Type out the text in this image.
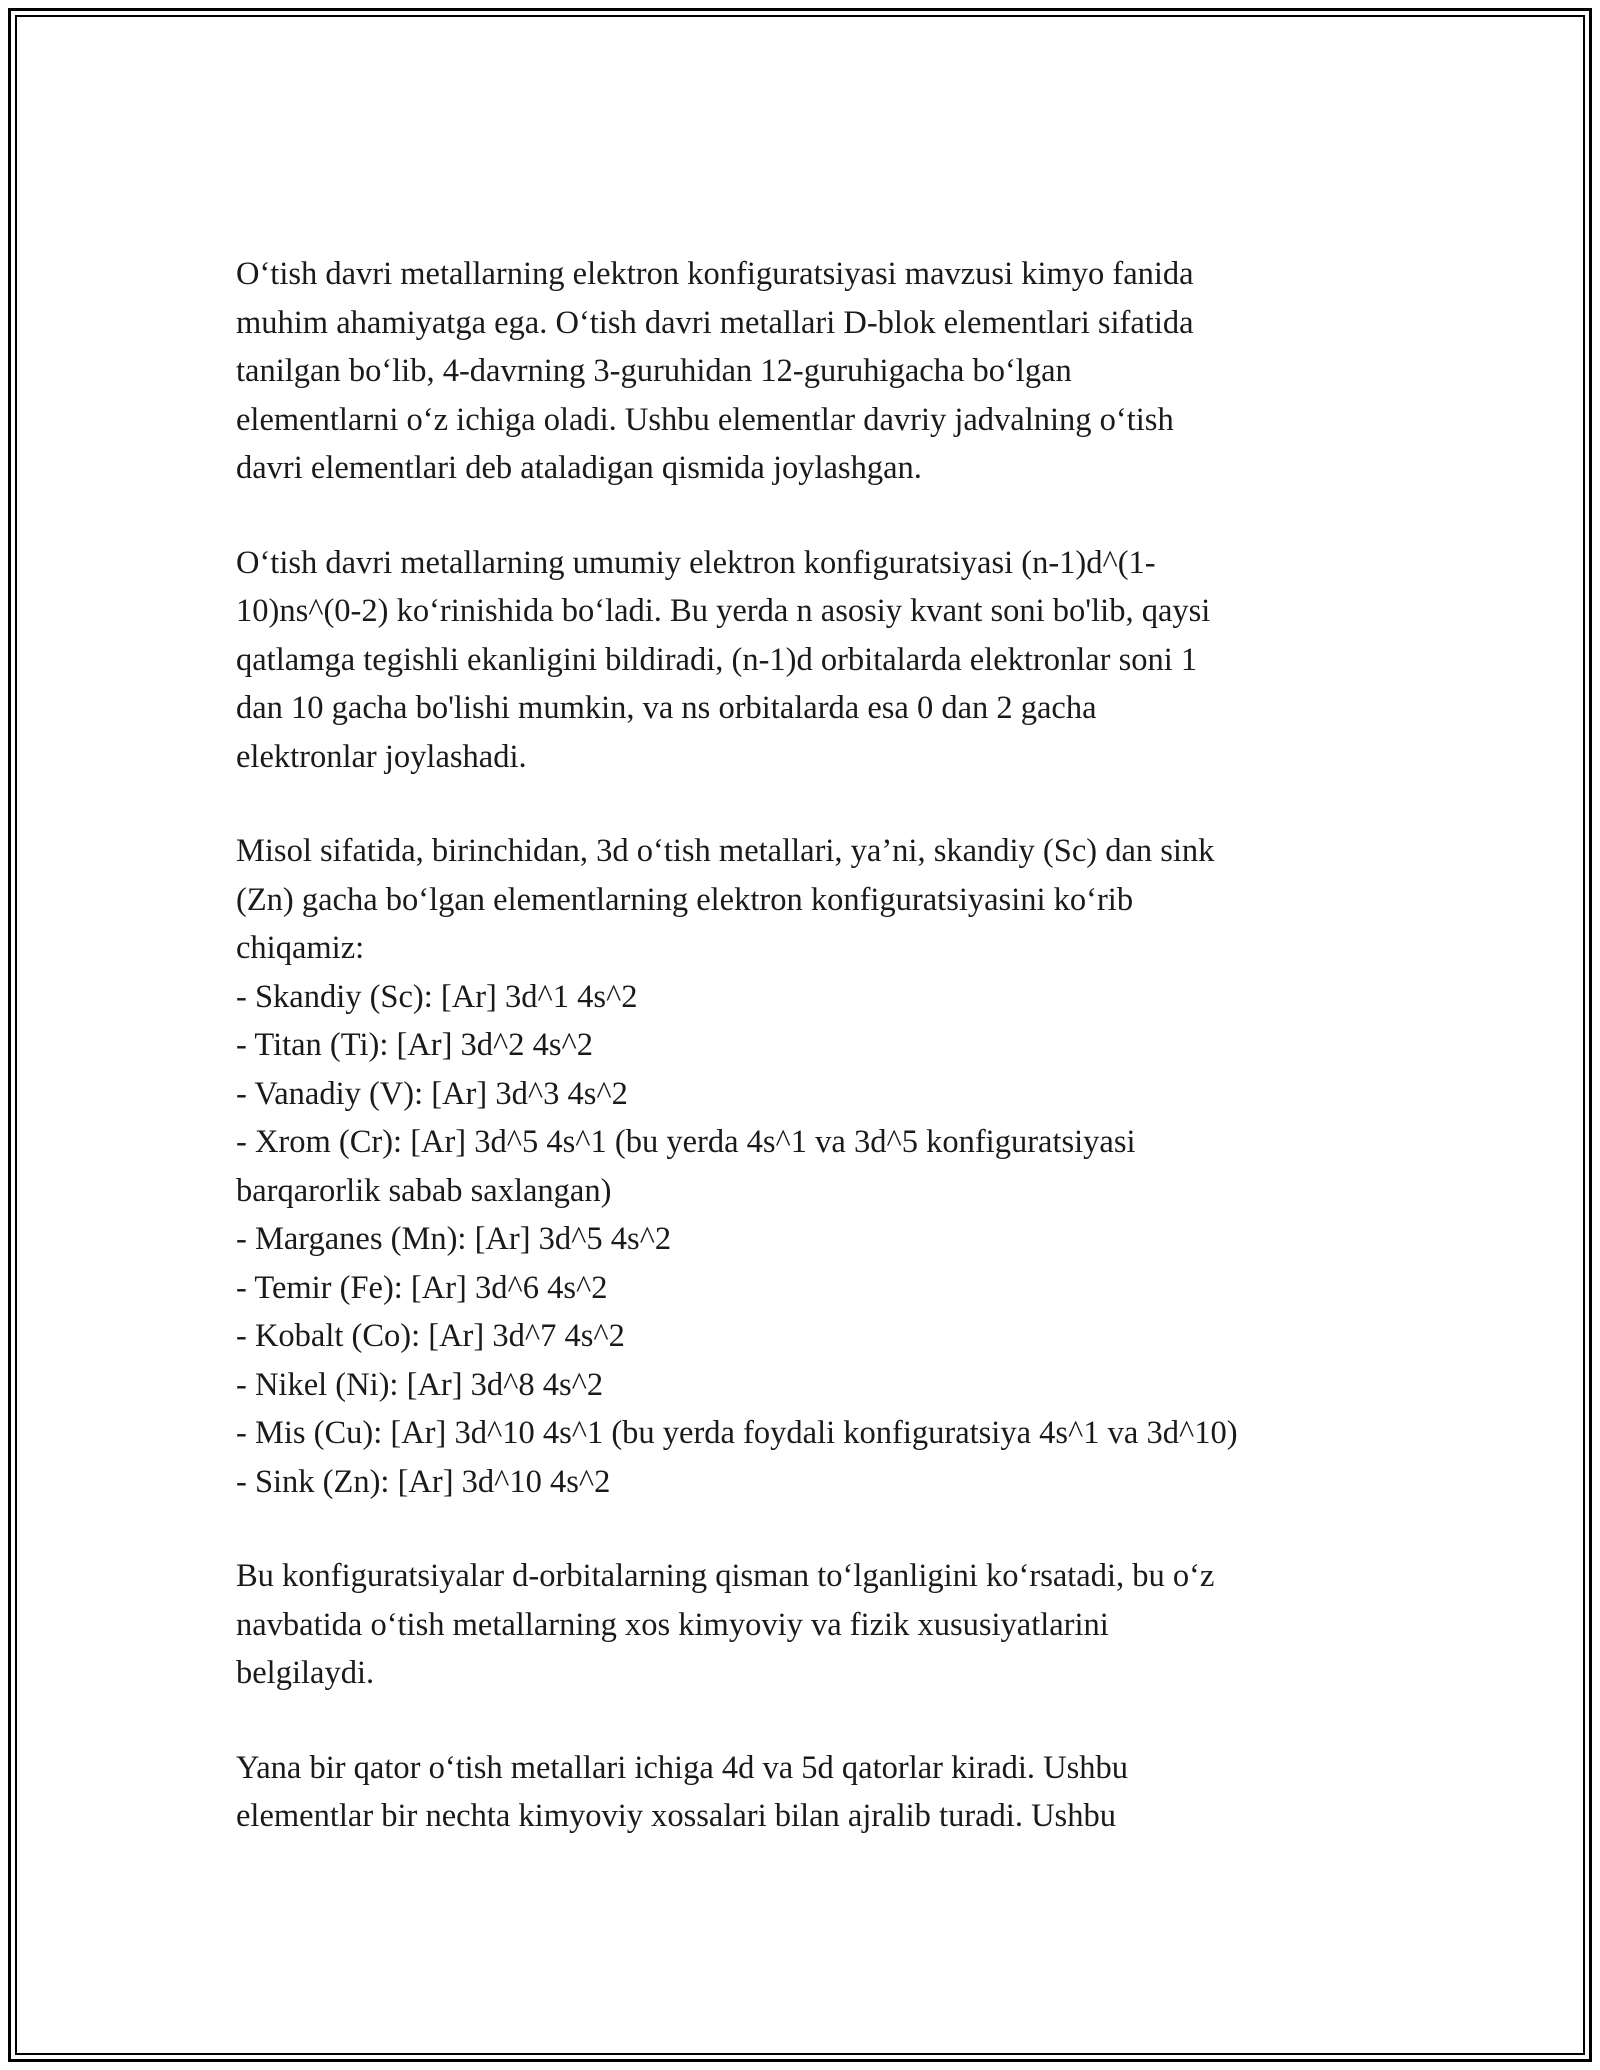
O‘tish davri metallarning elektron konfiguratsiyasi mavzusi kimyo fanida
muhim ahamiyatga ega. O‘tish davri metallari D-blok elementlari sifatida
tanilgan bo‘lib, 4-davrning 3-guruhidan 12-guruhigacha bo‘lgan
elementlarni o‘z ichiga oladi. Ushbu elementlar davriy jadvalning o‘tish
davri elementlari deb ataladigan qismida joylashgan.

O‘tish davri metallarning umumiy elektron konfiguratsiyasi (n-1)d^(1-
10)ns^(0-2) ko‘rinishida bo‘ladi. Bu yerda n asosiy kvant soni bo'lib, qaysi
qatlamga tegishli ekanligini bildiradi, (n-1)d orbitalarda elektronlar soni 1
dan 10 gacha bo'lishi mumkin, va ns orbitalarda esa 0 dan 2 gacha
elektronlar joylashadi.

Misol sifatida, birinchidan, 3d o‘tish metallari, ya’ni, skandiy (Sc) dan sink
(Zn) gacha bo‘lgan elementlarning elektron konfiguratsiyasini ko‘rib
chiqamiz:
- Skandiy (Sc): [Ar] 3d^1 4s^2
- Titan (Ti): [Ar] 3d^2 4s^2
- Vanadiy (V): [Ar] 3d^3 4s^2
- Xrom (Cr): [Ar] 3d^5 4s^1 (bu yerda 4s^1 va 3d^5 konfiguratsiyasi
barqarorlik sabab saxlangan)
- Marganes (Mn): [Ar] 3d^5 4s^2
- Temir (Fe): [Ar] 3d^6 4s^2
- Kobalt (Co): [Ar] 3d^7 4s^2
- Nikel (Ni): [Ar] 3d^8 4s^2
- Mis (Cu): [Ar] 3d^10 4s^1 (bu yerda foydali konfiguratsiya 4s^1 va 3d^10)
- Sink (Zn): [Ar] 3d^10 4s^2

Bu konfiguratsiyalar d-orbitalarning qisman to‘lganligini ko‘rsatadi, bu o‘z
navbatida o‘tish metallarning xos kimyoviy va fizik xususiyatlarini
belgilaydi.

Yana bir qator o‘tish metallari ichiga 4d va 5d qatorlar kiradi. Ushbu
elementlar bir nechta kimyoviy xossalari bilan ajralib turadi. Ushbu
